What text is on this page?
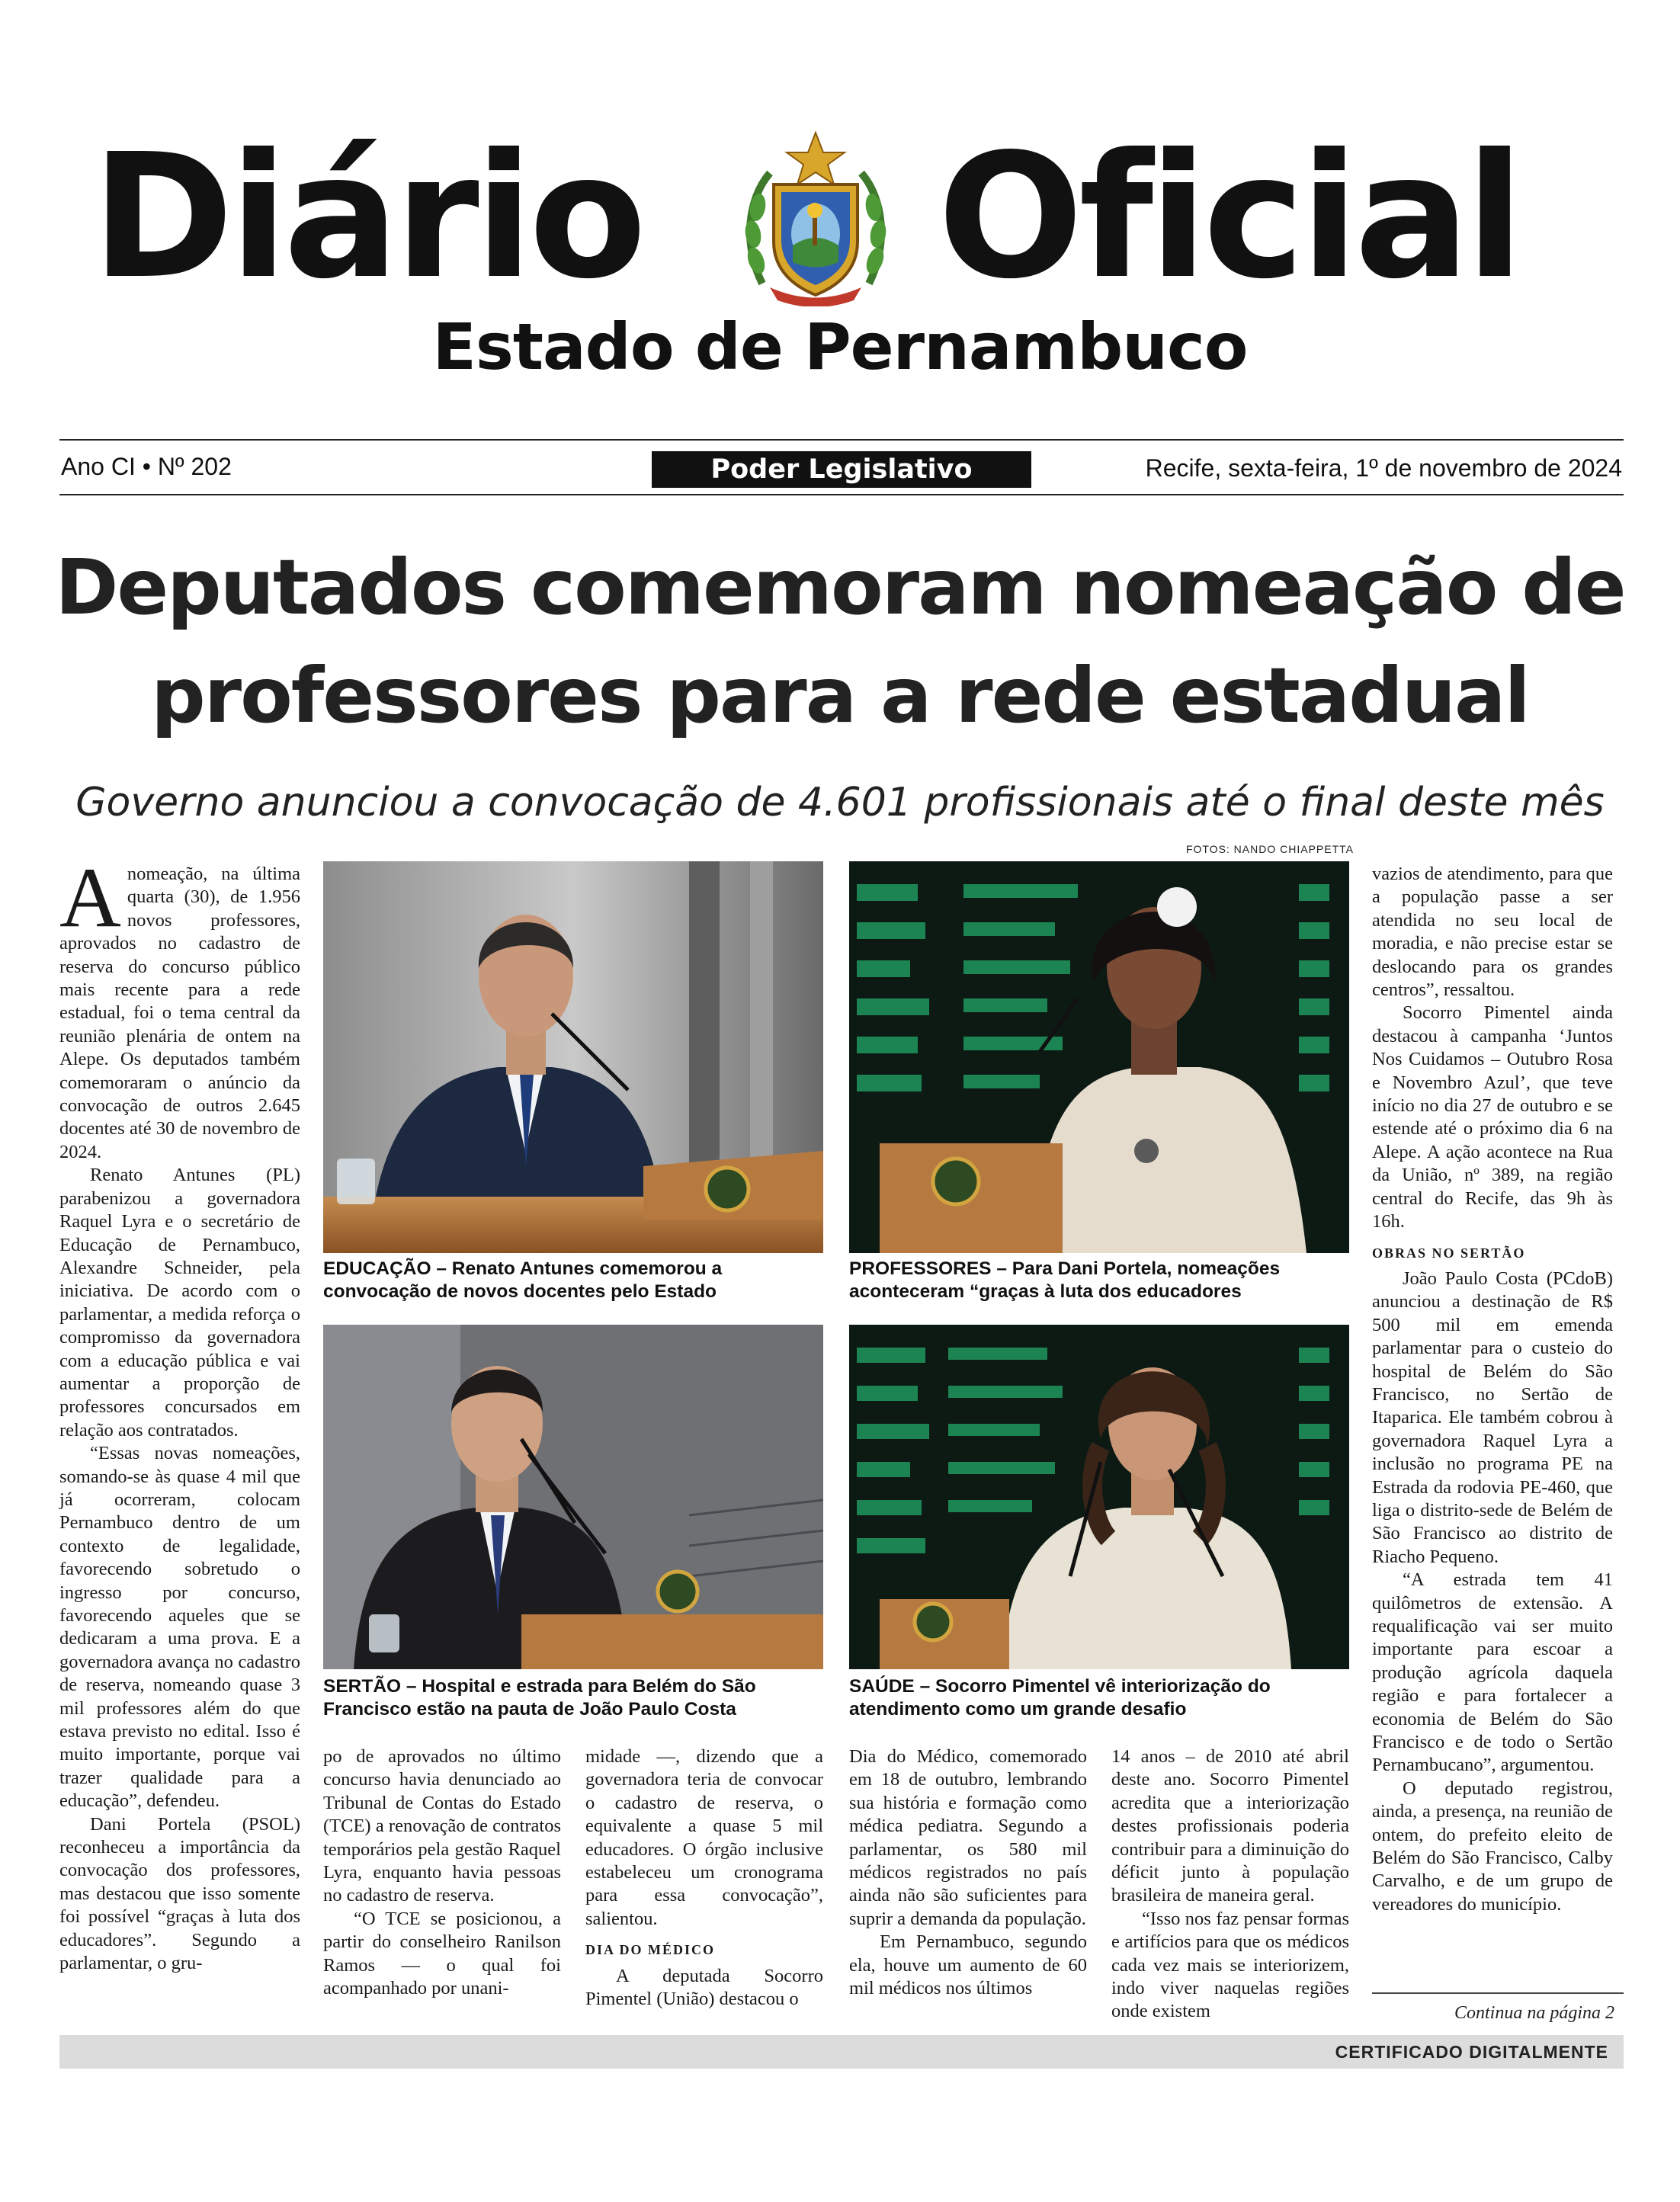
Diário Oficial
Estado de Pernambuco
Ano CI • Nº 202	Poder Legislativo	Recife, sexta-feira, 1º de novembro de 2024
Deputados comemoram nomeação de professores para a rede estadual

Governo anunciou a convocação de 4.601 profissionais até o final deste mês

FOTOS: NANDO CHIAPPETTA

Anomeação, na última quarta (30), de 1.956 novos professores, aprovados no cadastro de reserva do concurso público mais recente para a rede estadual, foi o tema central da reunião plenária de ontem na Alepe. Os deputados também comemoraram o anúncio da convocação de outros 2.645 docentes até 30 de novembro de 2024.

Renato Antunes (PL) parabenizou a governadora Raquel Lyra e o secretário de Educação de Pernambuco, Alexandre Schneider, pela iniciativa. De acordo com o parlamentar, a medida reforça o compromisso da governadora com a educação pública e vai aumentar a proporção de professores concursados em relação aos contratados.

“Essas novas nomeações, somando-se às quase 4 mil que já ocorreram, colocam Pernambuco dentro de um contexto de legalidade, favorecendo sobretudo o ingresso por concurso, favorecendo aqueles que se dedicaram a uma prova. E a governadora avança no cadastro de reserva, nomeando quase 3 mil professores além do que estava previsto no edital. Isso é muito importante, porque vai trazer qualidade para a educação”, defendeu.

Dani Portela (PSOL) reconheceu a importância da convocação dos professores, mas destacou que isso somente foi possível “graças à luta dos educadores”. Segundo a parlamentar, o gru-

EDUCAÇÃO – Renato Antunes comemorou a convocação de novos docentes pelo Estado
PROFESSORES – Para Dani Portela, nomeações aconteceram “graças à luta dos educadores
SERTÃO – Hospital e estrada para Belém do São Francisco estão na pauta de João Paulo Costa
SAÚDE – Socorro Pimentel vê interiorização do atendimento como um grande desafio

po de aprovados no último concurso havia denunciado ao Tribunal de Contas do Estado (TCE) a renovação de contratos temporários pela gestão Raquel Lyra, enquanto havia pessoas no cadastro de reserva.

“O TCE se posicionou, a partir do conselheiro Ranilson Ramos — o qual foi acompanhado por unani-

midade —, dizendo que a governadora teria de convocar o cadastro de reserva, o equivalente a quase 5 mil educadores. O órgão inclusive estabeleceu um cronograma para essa convocação”, salientou.

DIA DO MÉDICO

A deputada Socorro Pimentel (União) destacou o

Dia do Médico, comemorado em 18 de outubro, lembrando sua história e formação como médica pediatra. Segundo a parlamentar, os 580 mil médicos registrados no país ainda não são suficientes para suprir a demanda da população.

Em Pernambuco, segundo ela, houve um aumento de 60 mil médicos nos últimos

14 anos – de 2010 até abril deste ano. Socorro Pimentel acredita que a interiorização destes profissionais poderia contribuir para a diminuição do déficit junto à população brasileira de maneira geral.

“Isso nos faz pensar formas e artifícios para que os médicos cada vez mais se interiorizem, indo viver naquelas regiões onde existem

vazios de atendimento, para que a população passe a ser atendida no seu local de moradia, e não precise estar se deslocando para os grandes centros”, ressaltou.

Socorro Pimentel ainda destacou à campanha ‘Juntos Nos Cuidamos – Outubro Rosa e Novembro Azul’, que teve início no dia 27 de outubro e se estende até o próximo dia 6 na Alepe. A ação acontece na Rua da União, nº 389, na região central do Recife, das 9h às 16h.

OBRAS NO SERTÃO

João Paulo Costa (PCdoB) anunciou a destinação de R$ 500 mil em emenda parlamentar para o custeio do hospital de Belém do São Francisco, no Sertão de Itaparica. Ele também cobrou à governadora Raquel Lyra a inclusão no programa PE na Estrada da rodovia PE-460, que liga o distrito-sede de Belém de São Francisco ao distrito de Riacho Pequeno.

“A estrada tem 41 quilômetros de extensão. A requalificação vai ser muito importante para escoar a produção agrícola daquela região e para fortalecer a economia de Belém do São Francisco e de todo o Sertão Pernambucano”, argumentou.

O deputado registrou, ainda, a presença, na reunião de ontem, do prefeito eleito de Belém do São Francisco, Calby Carvalho, e de um grupo de vereadores do município.

Continua na página 2
CERTIFICADO DIGITALMENTE
